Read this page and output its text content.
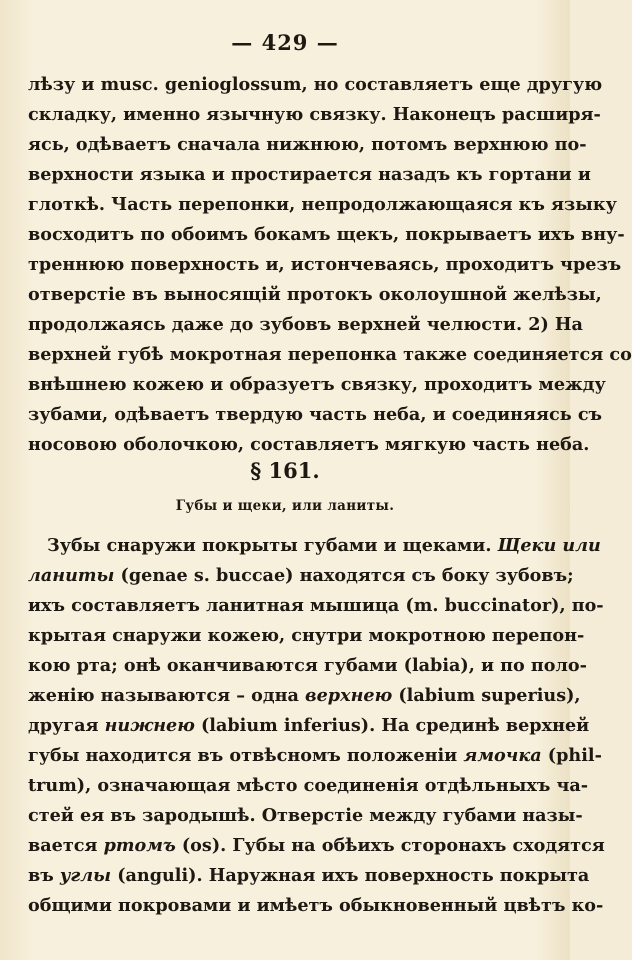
— 429 —
лѣзу и musc. genioglossum, но составляетъ еще другую
складку, именно язычную связку. Наконецъ расширя-
ясь, одѣваетъ сначала нижнюю, потомъ верхнюю по-
верхности языка и простирается назадъ къ гортани и
глоткѣ. Часть перепонки, непродолжающаяся къ языку
восходитъ по обоимъ бокамъ щекъ, покрываетъ ихъ вну-
треннюю поверхность и, истончеваясь, проходитъ чрезъ
отверстіе въ выносящій протокъ околоушной желѣзы,
продолжаясь даже до зубовъ верхней челюсти. 2) На
верхней губѣ мокротная перепонка также соединяется со
внѣшнею кожею и образуетъ связку, проходитъ между
зубами, одѣваетъ твердую часть неба, и соединяясь съ
носовою оболочкою, составляетъ мягкую часть неба.
§ 161.
Губы и щеки, или ланиты.
Зубы снаружи покрыты губами и щеками. Щеки или
ланиты (genae s. buccae) находятся съ боку зубовъ;
ихъ составляетъ ланитная мышица (m. buccinator), по-
крытая снаружи кожею, снутри мокротною перепон-
кою рта; онѣ оканчиваются губами (labia), и по поло-
женію называются – одна верхнею (labium superius),
другая нижнею (labium inferius). На срединѣ верхней
губы находится въ отвѣсномъ положеніи ямочка (phil-
trum), означающая мѣсто соединенія отдѣльныхъ ча-
стей ея въ зародышѣ. Отверстіе между губами назы-
вается ртомъ (os). Губы на обѣихъ сторонахъ сходятся
въ углы (anguli). Наружная ихъ поверхность покрыта
общими покровами и имѣетъ обыкновенный цвѣтъ ко-
